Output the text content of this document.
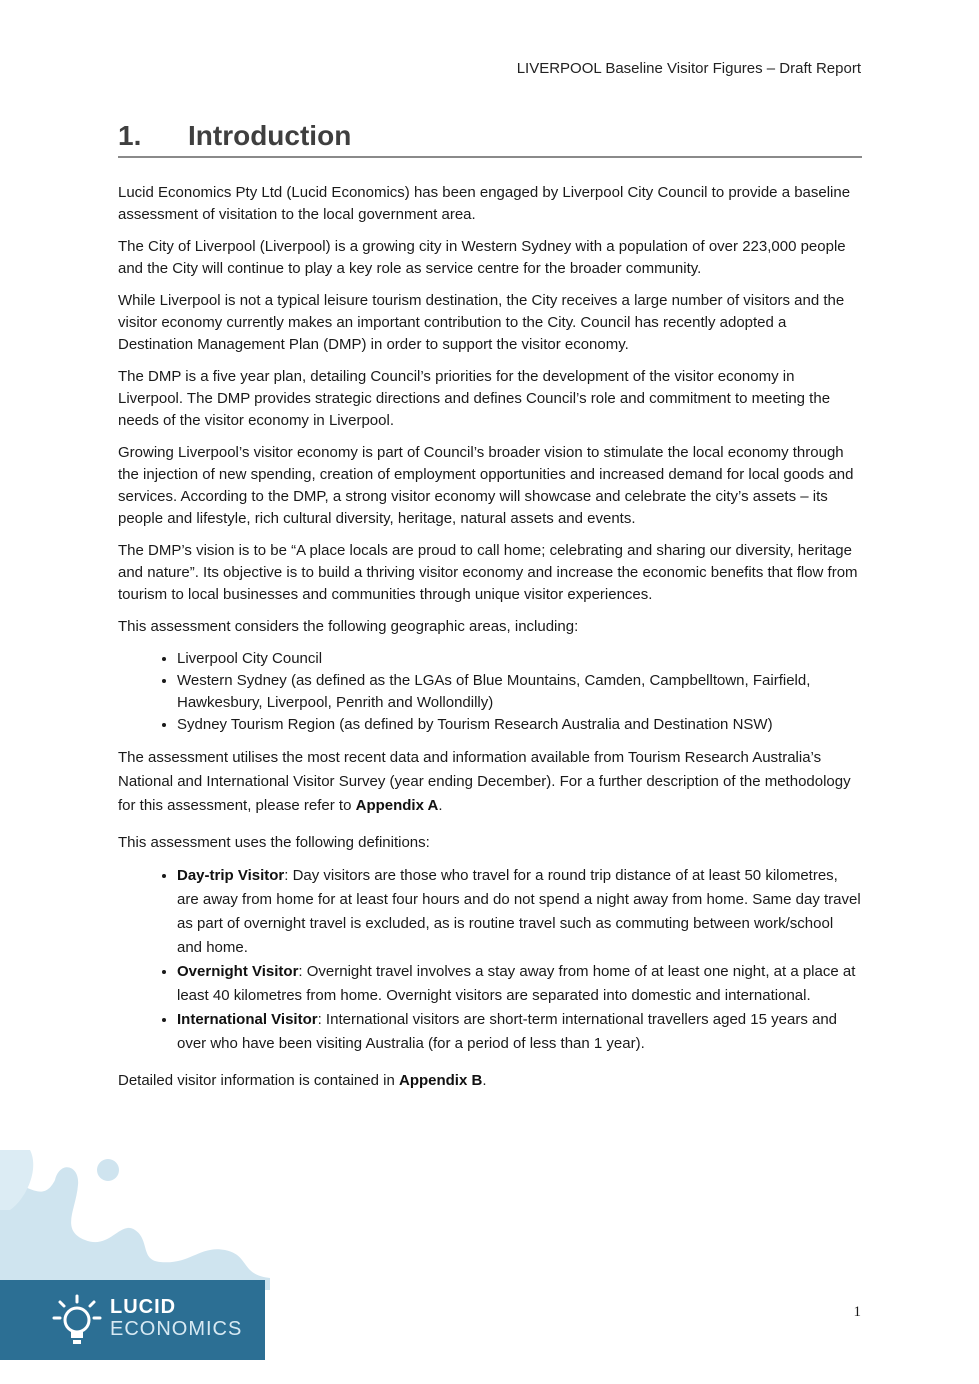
LIVERPOOL Baseline Visitor Figures – Draft Report
1. Introduction

Lucid Economics Pty Ltd (Lucid Economics) has been engaged by Liverpool City Council to provide a baseline assessment of visitation to the local government area.

The City of Liverpool (Liverpool) is a growing city in Western Sydney with a population of over 223,000 people and the City will continue to play a key role as service centre for the broader community.

While Liverpool is not a typical leisure tourism destination, the City receives a large number of visitors and the visitor economy currently makes an important contribution to the City. Council has recently adopted a Destination Management Plan (DMP) in order to support the visitor economy.

The DMP is a five year plan, detailing Council’s priorities for the development of the visitor economy in Liverpool. The DMP provides strategic directions and defines Council’s role and commitment to meeting the needs of the visitor economy in Liverpool.

Growing Liverpool’s visitor economy is part of Council’s broader vision to stimulate the local economy through the injection of new spending, creation of employment opportunities and increased demand for local goods and services. According to the DMP, a strong visitor economy will showcase and celebrate the city’s assets – its people and lifestyle, rich cultural diversity, heritage, natural assets and events.

The DMP’s vision is to be “A place locals are proud to call home; celebrating and sharing our diversity, heritage and nature”. Its objective is to build a thriving visitor economy and increase the economic benefits that flow from tourism to local businesses and communities through unique visitor experiences.

This assessment considers the following geographic areas, including:

• Liverpool City Council
• Western Sydney (as defined as the LGAs of Blue Mountains, Camden, Campbelltown, Fairfield, Hawkesbury, Liverpool, Penrith and Wollondilly)
• Sydney Tourism Region (as defined by Tourism Research Australia and Destination NSW)

The assessment utilises the most recent data and information available from Tourism Research Australia’s National and International Visitor Survey (year ending December). For a further description of the methodology for this assessment, please refer to Appendix A.

This assessment uses the following definitions:

• Day-trip Visitor: Day visitors are those who travel for a round trip distance of at least 50 kilometres, are away from home for at least four hours and do not spend a night away from home. Same day travel as part of overnight travel is excluded, as is routine travel such as commuting between work/school and home.
• Overnight Visitor: Overnight travel involves a stay away from home of at least one night, at a place at least 40 kilometres from home. Overnight visitors are separated into domestic and international.
• International Visitor: International visitors are short-term international travellers aged 15 years and over who have been visiting Australia (for a period of less than 1 year).

Detailed visitor information is contained in Appendix B.

LUCID
ECONOMICS
1
